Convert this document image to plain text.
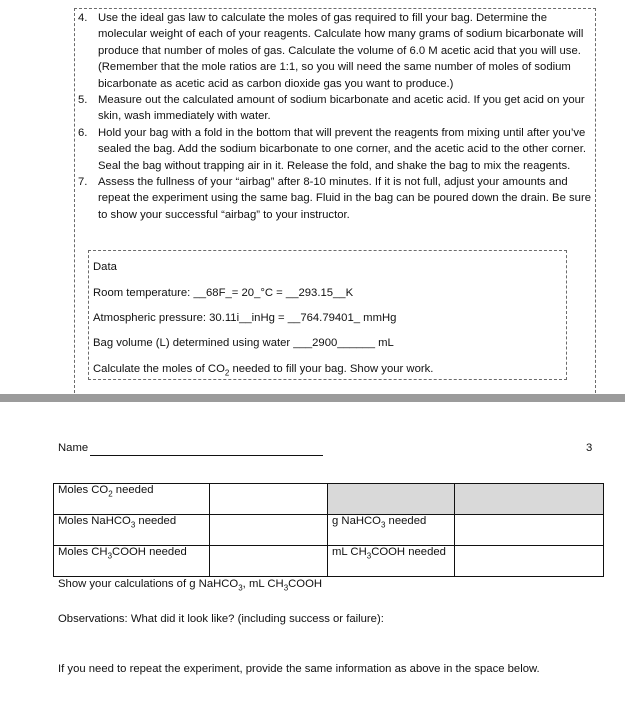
4. Use the ideal gas law to calculate the moles of gas required to fill your bag. Determine the molecular weight of each of your reagents. Calculate how many grams of sodium bicarbonate will produce that number of moles of gas. Calculate the volume of 6.0 M acetic acid that you will use. (Remember that the mole ratios are 1:1, so you will need the same number of moles of sodium bicarbonate as acetic acid as carbon dioxide gas you want to produce.)
5. Measure out the calculated amount of sodium bicarbonate and acetic acid. If you get acid on your skin, wash immediately with water.
6. Hold your bag with a fold in the bottom that will prevent the reagents from mixing until after you’ve sealed the bag. Add the sodium bicarbonate to one corner, and the acetic acid to the other corner. Seal the bag without trapping air in it. Release the fold, and shake the bag to mix the reagents.
7. Assess the fullness of your “airbag” after 8-10 minutes. If it is not full, adjust your amounts and repeat the experiment using the same bag. Fluid in the bag can be poured down the drain. Be sure to show your successful “airbag” to your instructor.
Data
Room temperature: __68F_= 20_°C = __293.15__K
Atmospheric pressure: 30.11i__inHg = __764.79401_ mmHg
Bag volume (L) determined using water ___2900______ mL
Calculate the moles of $CO_2$ needed to fill your bag. Show your work.
Name	3
Moles $CO_2$ needed			
Moles NaHCO$_3$ needed		g NaHCO$_3$ needed	
Moles $CH_3COOH$ needed		mL $CH_3COOH$ needed	
Show your calculations of g NaHCO$_3$, mL $CH_3COOH$
Observations: What did it look like? (including success or failure):
If you need to repeat the experiment, provide the same information as above in the space below.
